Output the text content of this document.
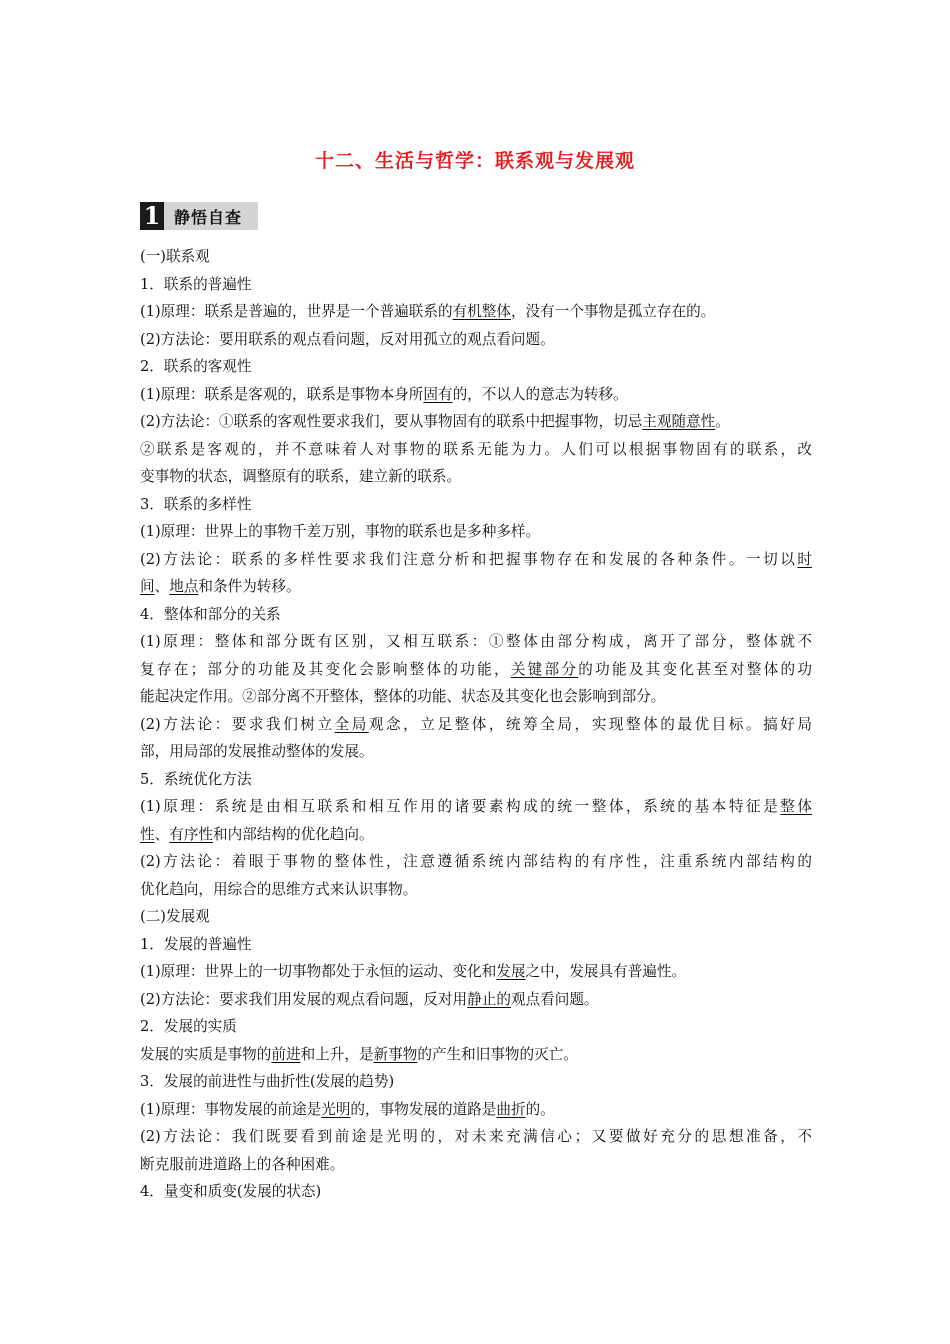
十二、生活与哲学：联系观与发展观
1 静悟自查
(一)联系观
1．联系的普遍性
(1)原理：联系是普遍的，世界是一个普遍联系的有机整体，没有一个事物是孤立存在的。
(2)方法论：要用联系的观点看问题，反对用孤立的观点看问题。
2．联系的客观性
(1)原理：联系是客观的，联系是事物本身所固有的，不以人的意志为转移。
(2)方法论：①联系的客观性要求我们，要从事物固有的联系中把握事物，切忌主观随意性。
②联系是客观的，并不意味着人对事物的联系无能为力。人们可以根据事物固有的联系，改
变事物的状态，调整原有的联系，建立新的联系。
3．联系的多样性
(1)原理：世界上的事物千差万别，事物的联系也是多种多样。
(2)方法论：联系的多样性要求我们注意分析和把握事物存在和发展的各种条件。一切以时
间、地点和条件为转移。
4．整体和部分的关系
(1)原理：整体和部分既有区别，又相互联系：①整体由部分构成，离开了部分，整体就不
复存在；部分的功能及其变化会影响整体的功能，关键部分的功能及其变化甚至对整体的功
能起决定作用。②部分离不开整体，整体的功能、状态及其变化也会影响到部分。
(2)方法论：要求我们树立全局观念，立足整体，统筹全局，实现整体的最优目标。搞好局
部，用局部的发展推动整体的发展。
5．系统优化方法
(1)原理：系统是由相互联系和相互作用的诸要素构成的统一整体，系统的基本特征是整体
性、有序性和内部结构的优化趋向。
(2)方法论：着眼于事物的整体性，注意遵循系统内部结构的有序性，注重系统内部结构的
优化趋向，用综合的思维方式来认识事物。
(二)发展观
1．发展的普遍性
(1)原理：世界上的一切事物都处于永恒的运动、变化和发展之中，发展具有普遍性。
(2)方法论：要求我们用发展的观点看问题，反对用静止的观点看问题。
2．发展的实质
发展的实质是事物的前进和上升，是新事物的产生和旧事物的灭亡。
3．发展的前进性与曲折性(发展的趋势)
(1)原理：事物发展的前途是光明的，事物发展的道路是曲折的。
(2)方法论：我们既要看到前途是光明的，对未来充满信心；又要做好充分的思想准备，不
断克服前进道路上的各种困难。
4．量变和质变(发展的状态)
